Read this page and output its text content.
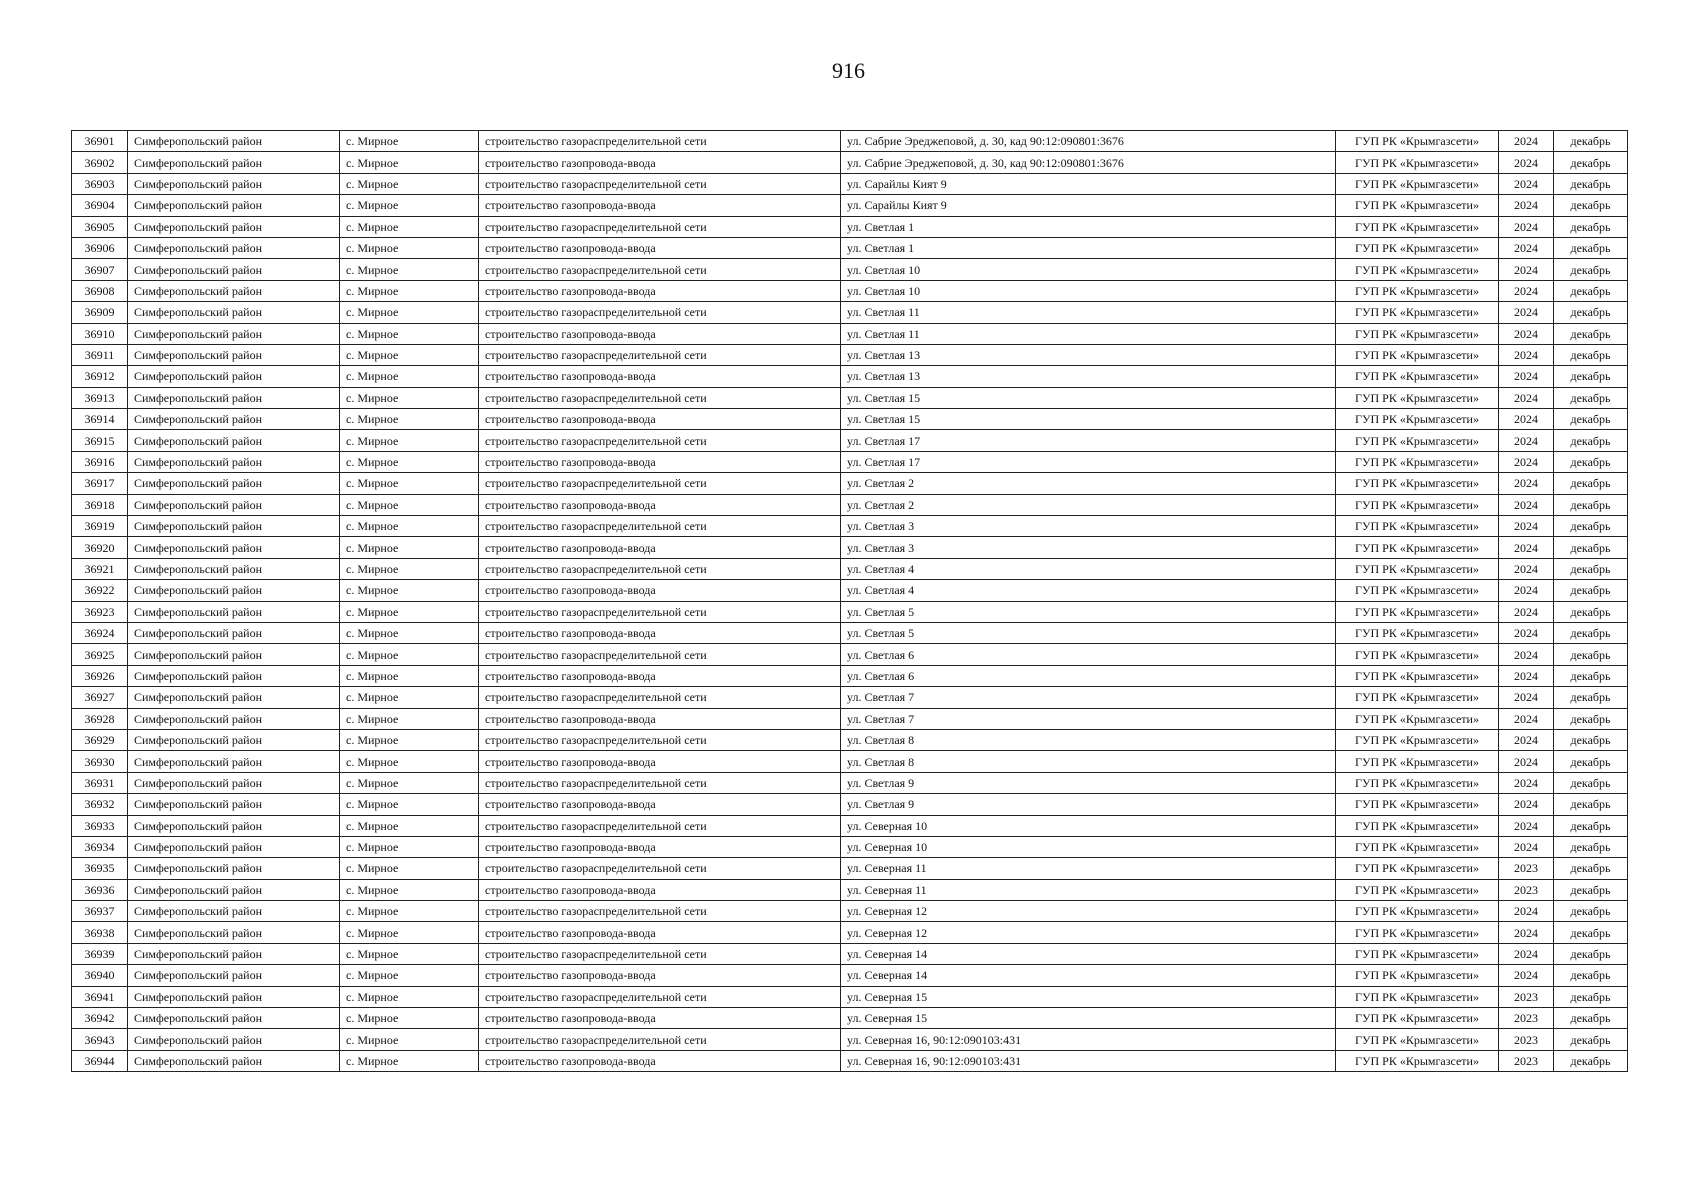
916
36901	Симферопольский район	с. Мирное	строительство газораспределительной сети	ул. Сабрие Эреджеповой, д. 30, кад 90:12:090801:3676	ГУП РК «Крымгазсети»	2024	декабрь
36902	Симферопольский район	с. Мирное	строительство газопровода-ввода	ул. Сабрие Эреджеповой, д. 30, кад 90:12:090801:3676	ГУП РК «Крымгазсети»	2024	декабрь
36903	Симферопольский район	с. Мирное	строительство газораспределительной сети	ул. Сарайлы Кият 9	ГУП РК «Крымгазсети»	2024	декабрь
36904	Симферопольский район	с. Мирное	строительство газопровода-ввода	ул. Сарайлы Кият 9	ГУП РК «Крымгазсети»	2024	декабрь
36905	Симферопольский район	с. Мирное	строительство газораспределительной сети	ул. Светлая 1	ГУП РК «Крымгазсети»	2024	декабрь
36906	Симферопольский район	с. Мирное	строительство газопровода-ввода	ул. Светлая 1	ГУП РК «Крымгазсети»	2024	декабрь
36907	Симферопольский район	с. Мирное	строительство газораспределительной сети	ул. Светлая 10	ГУП РК «Крымгазсети»	2024	декабрь
36908	Симферопольский район	с. Мирное	строительство газопровода-ввода	ул. Светлая 10	ГУП РК «Крымгазсети»	2024	декабрь
36909	Симферопольский район	с. Мирное	строительство газораспределительной сети	ул. Светлая 11	ГУП РК «Крымгазсети»	2024	декабрь
36910	Симферопольский район	с. Мирное	строительство газопровода-ввода	ул. Светлая 11	ГУП РК «Крымгазсети»	2024	декабрь
36911	Симферопольский район	с. Мирное	строительство газораспределительной сети	ул. Светлая 13	ГУП РК «Крымгазсети»	2024	декабрь
36912	Симферопольский район	с. Мирное	строительство газопровода-ввода	ул. Светлая 13	ГУП РК «Крымгазсети»	2024	декабрь
36913	Симферопольский район	с. Мирное	строительство газораспределительной сети	ул. Светлая 15	ГУП РК «Крымгазсети»	2024	декабрь
36914	Симферопольский район	с. Мирное	строительство газопровода-ввода	ул. Светлая 15	ГУП РК «Крымгазсети»	2024	декабрь
36915	Симферопольский район	с. Мирное	строительство газораспределительной сети	ул. Светлая 17	ГУП РК «Крымгазсети»	2024	декабрь
36916	Симферопольский район	с. Мирное	строительство газопровода-ввода	ул. Светлая 17	ГУП РК «Крымгазсети»	2024	декабрь
36917	Симферопольский район	с. Мирное	строительство газораспределительной сети	ул. Светлая 2	ГУП РК «Крымгазсети»	2024	декабрь
36918	Симферопольский район	с. Мирное	строительство газопровода-ввода	ул. Светлая 2	ГУП РК «Крымгазсети»	2024	декабрь
36919	Симферопольский район	с. Мирное	строительство газораспределительной сети	ул. Светлая 3	ГУП РК «Крымгазсети»	2024	декабрь
36920	Симферопольский район	с. Мирное	строительство газопровода-ввода	ул. Светлая 3	ГУП РК «Крымгазсети»	2024	декабрь
36921	Симферопольский район	с. Мирное	строительство газораспределительной сети	ул. Светлая 4	ГУП РК «Крымгазсети»	2024	декабрь
36922	Симферопольский район	с. Мирное	строительство газопровода-ввода	ул. Светлая 4	ГУП РК «Крымгазсети»	2024	декабрь
36923	Симферопольский район	с. Мирное	строительство газораспределительной сети	ул. Светлая 5	ГУП РК «Крымгазсети»	2024	декабрь
36924	Симферопольский район	с. Мирное	строительство газопровода-ввода	ул. Светлая 5	ГУП РК «Крымгазсети»	2024	декабрь
36925	Симферопольский район	с. Мирное	строительство газораспределительной сети	ул. Светлая 6	ГУП РК «Крымгазсети»	2024	декабрь
36926	Симферопольский район	с. Мирное	строительство газопровода-ввода	ул. Светлая 6	ГУП РК «Крымгазсети»	2024	декабрь
36927	Симферопольский район	с. Мирное	строительство газораспределительной сети	ул. Светлая 7	ГУП РК «Крымгазсети»	2024	декабрь
36928	Симферопольский район	с. Мирное	строительство газопровода-ввода	ул. Светлая 7	ГУП РК «Крымгазсети»	2024	декабрь
36929	Симферопольский район	с. Мирное	строительство газораспределительной сети	ул. Светлая 8	ГУП РК «Крымгазсети»	2024	декабрь
36930	Симферопольский район	с. Мирное	строительство газопровода-ввода	ул. Светлая 8	ГУП РК «Крымгазсети»	2024	декабрь
36931	Симферопольский район	с. Мирное	строительство газораспределительной сети	ул. Светлая 9	ГУП РК «Крымгазсети»	2024	декабрь
36932	Симферопольский район	с. Мирное	строительство газопровода-ввода	ул. Светлая 9	ГУП РК «Крымгазсети»	2024	декабрь
36933	Симферопольский район	с. Мирное	строительство газораспределительной сети	ул. Северная 10	ГУП РК «Крымгазсети»	2024	декабрь
36934	Симферопольский район	с. Мирное	строительство газопровода-ввода	ул. Северная 10	ГУП РК «Крымгазсети»	2024	декабрь
36935	Симферопольский район	с. Мирное	строительство газораспределительной сети	ул. Северная 11	ГУП РК «Крымгазсети»	2023	декабрь
36936	Симферопольский район	с. Мирное	строительство газопровода-ввода	ул. Северная 11	ГУП РК «Крымгазсети»	2023	декабрь
36937	Симферопольский район	с. Мирное	строительство газораспределительной сети	ул. Северная 12	ГУП РК «Крымгазсети»	2024	декабрь
36938	Симферопольский район	с. Мирное	строительство газопровода-ввода	ул. Северная 12	ГУП РК «Крымгазсети»	2024	декабрь
36939	Симферопольский район	с. Мирное	строительство газораспределительной сети	ул. Северная 14	ГУП РК «Крымгазсети»	2024	декабрь
36940	Симферопольский район	с. Мирное	строительство газопровода-ввода	ул. Северная 14	ГУП РК «Крымгазсети»	2024	декабрь
36941	Симферопольский район	с. Мирное	строительство газораспределительной сети	ул. Северная 15	ГУП РК «Крымгазсети»	2023	декабрь
36942	Симферопольский район	с. Мирное	строительство газопровода-ввода	ул. Северная 15	ГУП РК «Крымгазсети»	2023	декабрь
36943	Симферопольский район	с. Мирное	строительство газораспределительной сети	ул. Северная 16, 90:12:090103:431	ГУП РК «Крымгазсети»	2023	декабрь
36944	Симферопольский район	с. Мирное	строительство газопровода-ввода	ул. Северная 16, 90:12:090103:431	ГУП РК «Крымгазсети»	2023	декабрь
